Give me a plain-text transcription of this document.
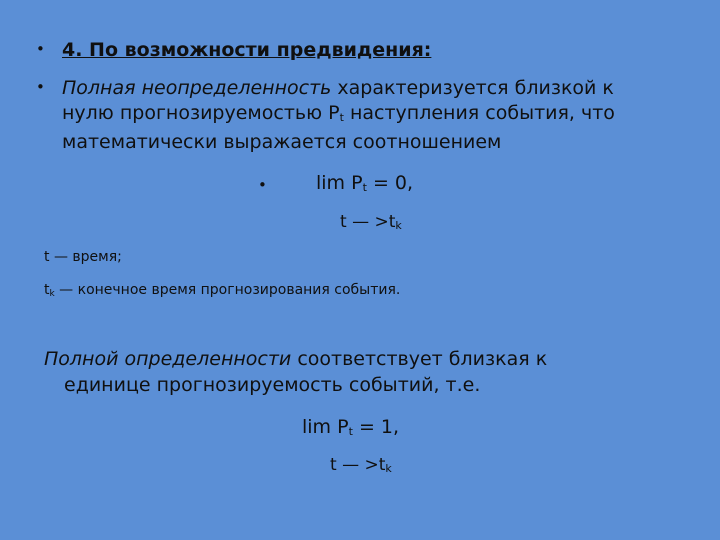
• 4. По возможности предвидения:
• Полная неопределенность характеризуется близкой к
нулю прогнозируемостью $P_t$ наступления события, что
математически выражается соотношением
•	$\lim P_t = 0$,
t — $>t_k$
t — время;
$t_k$ — конечное время прогнозирования события.
Полной определенности соответствует близкая к
единице прогнозируемость событий, т.е.
$\lim P_t = 1$,
t — $>t_k$
